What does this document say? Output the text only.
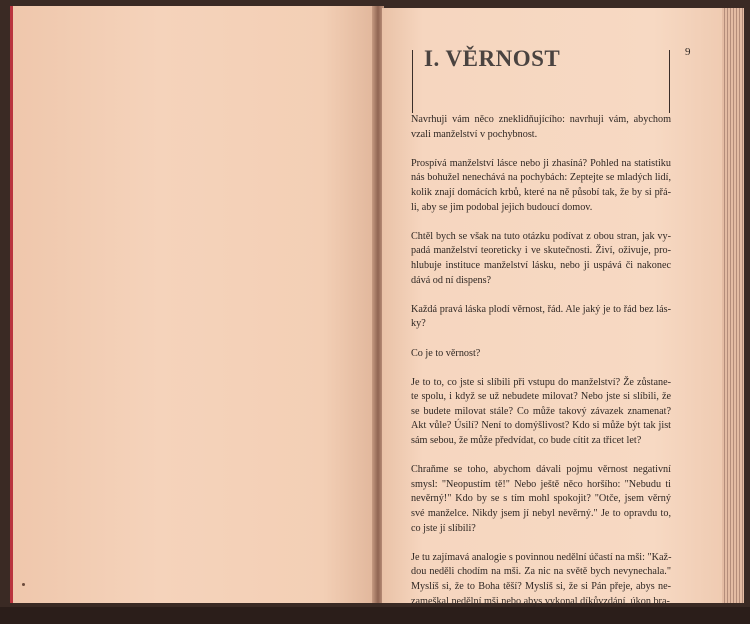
I. VĚRNOST	9

Navrhuji vám něco zneklidňujícího: navrhuji vám, abychom
vzali manželství v pochybnost.

Prospívá manželství lásce nebo ji zhasíná? Pohled na statistiku
nás bohužel nenechává na pochybách: Zeptejte se mladých lidí,
kolik znají domácích krbů, které na ně působí tak, že by si přá-
li, aby se jim podobal jejich budoucí domov.

Chtěl bych se však na tuto otázku podívat z obou stran, jak vy-
padá manželství teoreticky i ve skutečnosti. Živí, oživuje, pro-
hlubuje instituce manželství lásku, nebo ji uspává či nakonec
dává od ní dispens?

Každá pravá láska plodí věrnost, řád. Ale jaký je to řád bez lás-
ky?

Co je to věrnost?

Je to to, co jste si slíbili při vstupu do manželství? Že zůstane-
te spolu, i když se už nebudete milovat? Nebo jste si slíbili, že
se budete milovat stále? Co může takový závazek znamenat?
Akt vůle? Úsilí? Není to domýšlivost? Kdo si může být tak jist
sám sebou, že může předvídat, co bude cítit za třicet let?

Chraňme se toho, abychom dávali pojmu věrnost negativní
smysl: "Neopustím tě!" Nebo ještě něco horšího: "Nebudu ti
nevěrný!" Kdo by se s tím mohl spokojit? "Otče, jsem věrný
své manželce. Nikdy jsem jí nebyl nevěrný." Je to opravdu to,
co jste jí slíbili?

Je tu zajímavá analogie s povinnou nedělní účastí na mši: "Kaž-
dou neděli chodím na mši. Za nic na světě bych nevynechala."
Myslíš si, že to Boha těší? Myslíš si, že si Pán přeje, abys ne-
zameškal nedělní mši nebo abys vykonal díkůvzdání, úkon bra-
